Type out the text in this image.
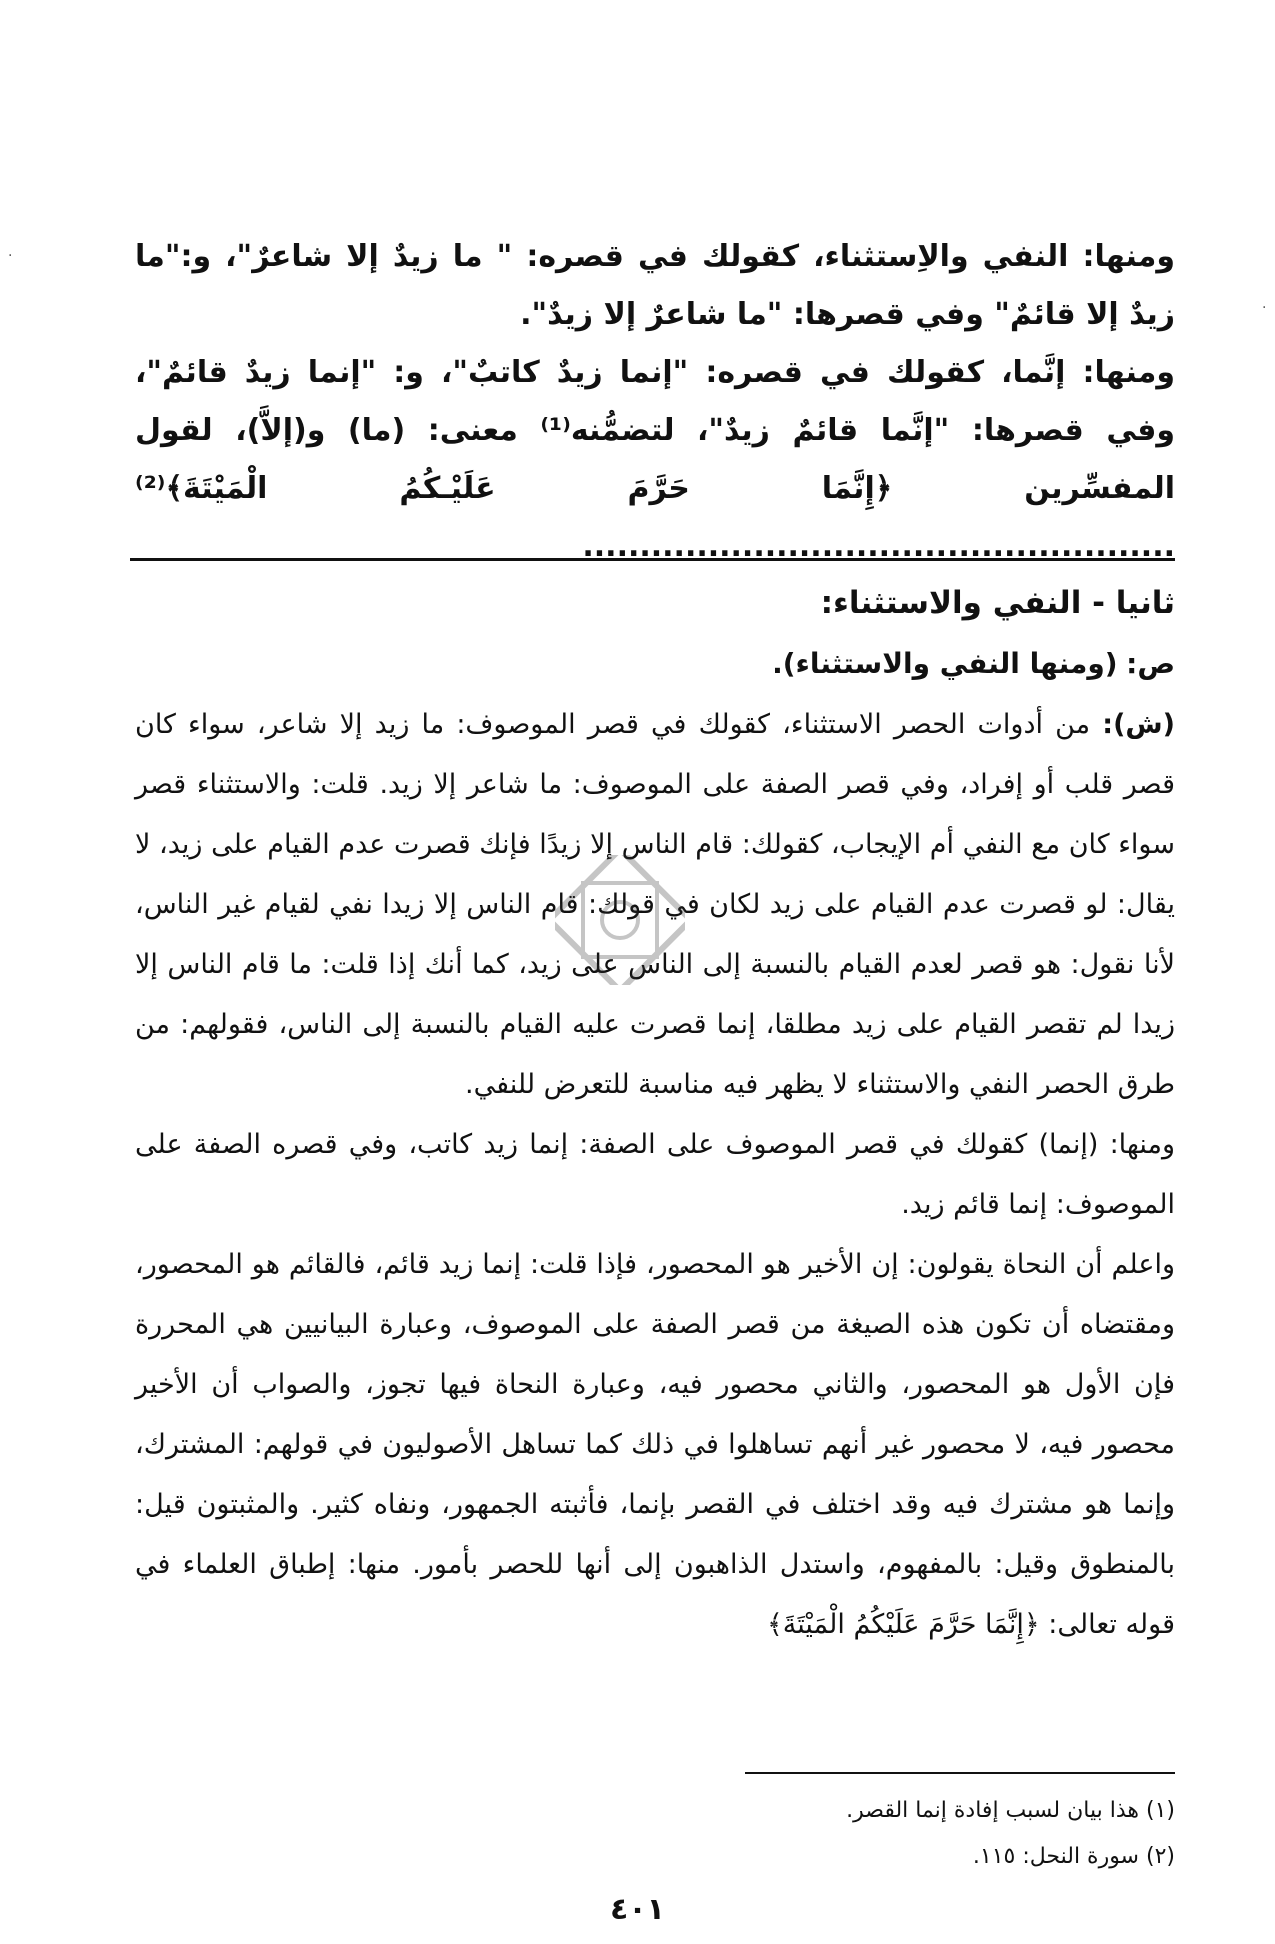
·
·

ومنها: النفي والاِستثناء، كقولك في قصره: " ما زيدٌ إلا شاعرٌ"، و:"ما زيدٌ إلا قائمٌ" وفي قصرها: "ما شاعرٌ إلا زيدٌ".

ومنها: إنَّما، كقولك في قصره: "إنما زيدٌ كاتبٌ"، و: "إنما زيدٌ قائمٌ"، وفي قصرها: "إنَّما قائمٌ زيدٌ"، لتضمُّنه⁽¹⁾ معنى: (ما) و(إلاَّ)، لقول المفسِّرين ﴿إِنَّمَا حَرَّمَ عَلَيْـكُمُ الْمَيْتَةَ﴾⁽²⁾ ....................................................

ثانيا - النفي والاستثناء:

ص: (ومنها النفي والاستثناء).

(ش): من أدوات الحصر الاستثناء، كقولك في قصر الموصوف: ما زيد إلا شاعر، سواء كان قصر قلب أو إفراد، وفي قصر الصفة على الموصوف: ما شاعر إلا زيد. قلت: والاستثناء قصر سواء كان مع النفي أم الإيجاب، كقولك: قام الناس إلا زيدًا فإنك قصرت عدم القيام على زيد، لا يقال: لو قصرت عدم القيام على زيد لكان في قولك: قام الناس إلا زيدا نفي لقيام غير الناس، لأنا نقول: هو قصر لعدم القيام بالنسبة إلى الناس على زيد، كما أنك إذا قلت: ما قام الناس إلا زيدا لم تقصر القيام على زيد مطلقا، إنما قصرت عليه القيام بالنسبة إلى الناس، فقولهم: من طرق الحصر النفي والاستثناء لا يظهر فيه مناسبة للتعرض للنفي.

ومنها: (إنما) كقولك في قصر الموصوف على الصفة: إنما زيد كاتب، وفي قصره الصفة على الموصوف: إنما قائم زيد.

واعلم أن النحاة يقولون: إن الأخير هو المحصور، فإذا قلت: إنما زيد قائم، فالقائم هو المحصور، ومقتضاه أن تكون هذه الصيغة من قصر الصفة على الموصوف، وعبارة البيانيين هي المحررة فإن الأول هو المحصور، والثاني محصور فيه، وعبارة النحاة فيها تجوز، والصواب أن الأخير محصور فيه، لا محصور غير أنهم تساهلوا في ذلك كما تساهل الأصوليون في قولهم: المشترك، وإنما هو مشترك فيه وقد اختلف في القصر بإنما، فأثبته الجمهور، ونفاه كثير. والمثبتون قيل: بالمنطوق وقيل: بالمفهوم، واستدل الذاهبون إلى أنها للحصر بأمور. منها: إطباق العلماء في قوله تعالى: ﴿إِنَّمَا حَرَّمَ عَلَيْكُمُ الْمَيْتَةَ﴾

(١) هذا بيان لسبب إفادة إنما القصر.

(٢) سورة النحل: ١١٥.

٤٠١
